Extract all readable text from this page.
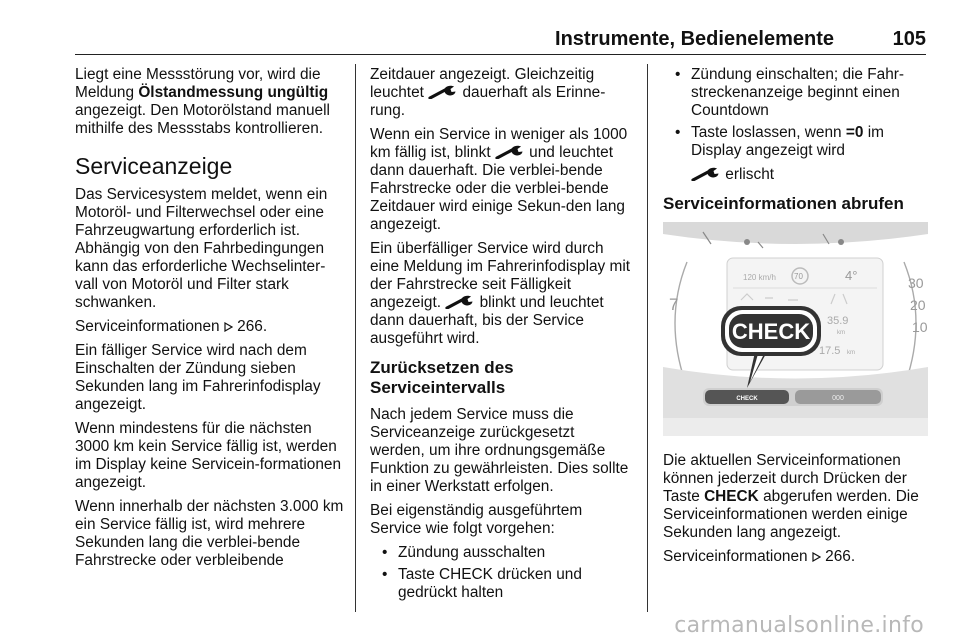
Instrumente, Bedienelemente	105

Liegt eine Messstörung vor, wird die Meldung Ölstandmessung ungültig angezeigt. Den Motorölstand manuell mithilfe des Messstabs kontrollieren.

Serviceanzeige

Das Servicesystem meldet, wenn ein Motoröl- und Filterwechsel oder eine Fahrzeugwartung erforderlich ist. Abhängig von den Fahrbedingungen kann das erforderliche Wechselinter-vall von Motoröl und Filter stark schwanken.

Serviceinformationen  266.

Ein fälliger Service wird nach dem Einschalten der Zündung sieben Sekunden lang im Fahrerinfodisplay angezeigt.

Wenn mindestens für die nächsten 3000 km kein Service fällig ist, werden im Display keine Servicein-formationen angezeigt.

Wenn innerhalb der nächsten 3.000 km ein Service fällig ist, wird mehrere Sekunden lang die verblei-bende Fahrstrecke oder verbleibende

Zeitdauer angezeigt. Gleichzeitig leuchtet  dauerhaft als Erinne-rung.

Wenn ein Service in weniger als 1000 km fällig ist, blinkt  und leuchtet dann dauerhaft. Die verblei-bende Fahrstrecke oder die verblei-bende Zeitdauer wird einige Sekun-den lang angezeigt.

Ein überfälliger Service wird durch eine Meldung im Fahrerinfodisplay mit der Fahrstrecke seit Fälligkeit angezeigt.  blinkt und leuchtet dann dauerhaft, bis der Service ausgeführt wird.

Zurücksetzen des Serviceintervalls

Nach jedem Service muss die Serviceanzeige zurückgesetzt werden, um ihre ordnungsgemäße Funktion zu gewährleisten. Dies sollte in einer Werkstatt erfolgen.

Bei eigenständig ausgeführtem Service wie folgt vorgehen:

• Zündung ausschalten
• Taste CHECK drücken und gedrückt halten
• Zündung einschalten; die Fahr-streckenanzeige beginnt einen Countdown
• Taste loslassen, wenn =0 im Display angezeigt wird

erlischt

Serviceinformationen abrufen
7
30
20
10
120 km/h 70	4°
35.9
km
17.5 km
CHECK	000
CHECK

Die aktuellen Serviceinformationen können jederzeit durch Drücken der Taste CHECK abgerufen werden. Die Serviceinformationen werden einige Sekunden lang angezeigt.

Serviceinformationen  266.

carmanualsonline.info
